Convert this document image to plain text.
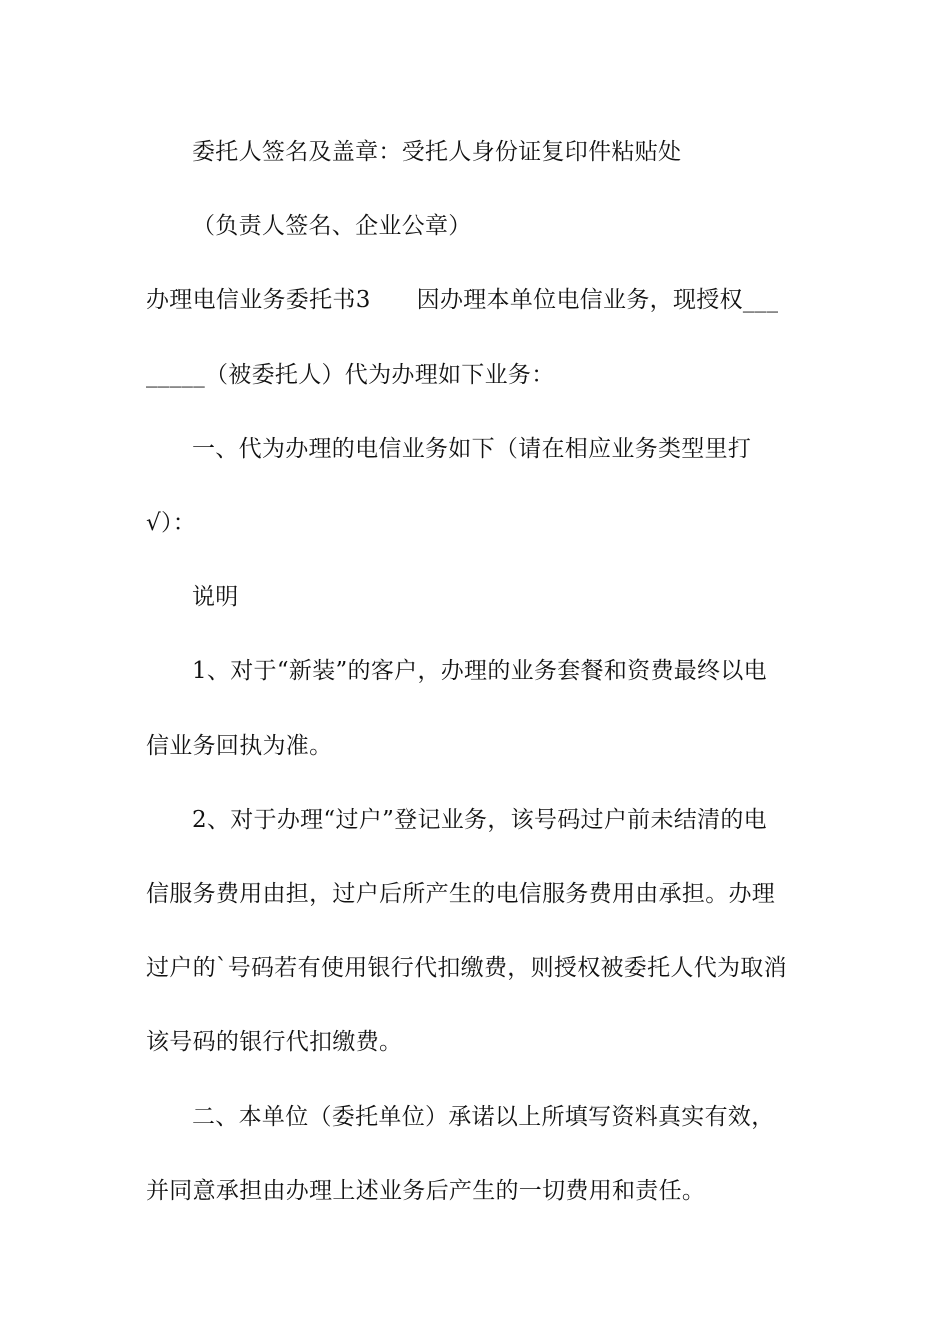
委托人签名及盖章：受托人身份证复印件粘贴处
（负责人签名、企业公章）
办理电信业务委托书3 因办理本单位电信业务，现授权___
_____（被委托人）代为办理如下业务：
一、代为办理的电信业务如下（请在相应业务类型里打
√）：
说明
1、对于“新装”的客户，办理的业务套餐和资费最终以电
信业务回执为准。
2、对于办理“过户”登记业务，该号码过户前未结清的电
信服务费用由担，过户后所产生的电信服务费用由承担。办理
过户的`号码若有使用银行代扣缴费，则授权被委托人代为取消
该号码的银行代扣缴费。
二、本单位（委托单位）承诺以上所填写资料真实有效，
并同意承担由办理上述业务后产生的一切费用和责任。
